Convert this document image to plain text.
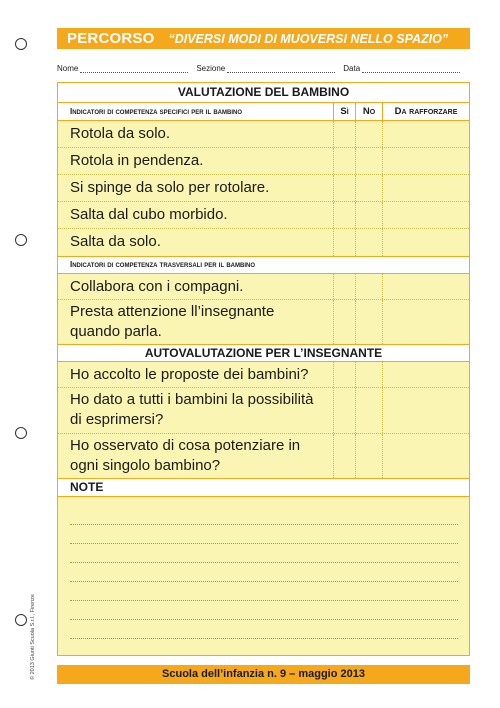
PERCORSO	“DIVERSI MODI DI MUOVERSI NELLO SPAZIO”
Nome	Sezione	Data
VALUTAZIONE DEL BAMBINO
Indicatori di competenza specifici per il bambino	Sì	No	Da rafforzare
Rotola da solo.
Rotola in pendenza.
Si spinge da solo per rotolare.
Salta dal cubo morbido.
Salta da solo.
Indicatori di competenza trasversali per il bambino
Collabora con i compagni.
Presta attenzione ll’insegnante quando parla.
AUTOVALUTAZIONE PER L’INSEGNANTE
Ho accolto le proposte dei bambini?
Ho dato a tutti i bambini la possibilità di esprimersi?
Ho osservato di cosa potenziare in ogni singolo bambino?
NOTE
Scuola dell’infanzia n. 9 – maggio 2013
© 2013 Giunti Scuola S.r.l., Firenze
